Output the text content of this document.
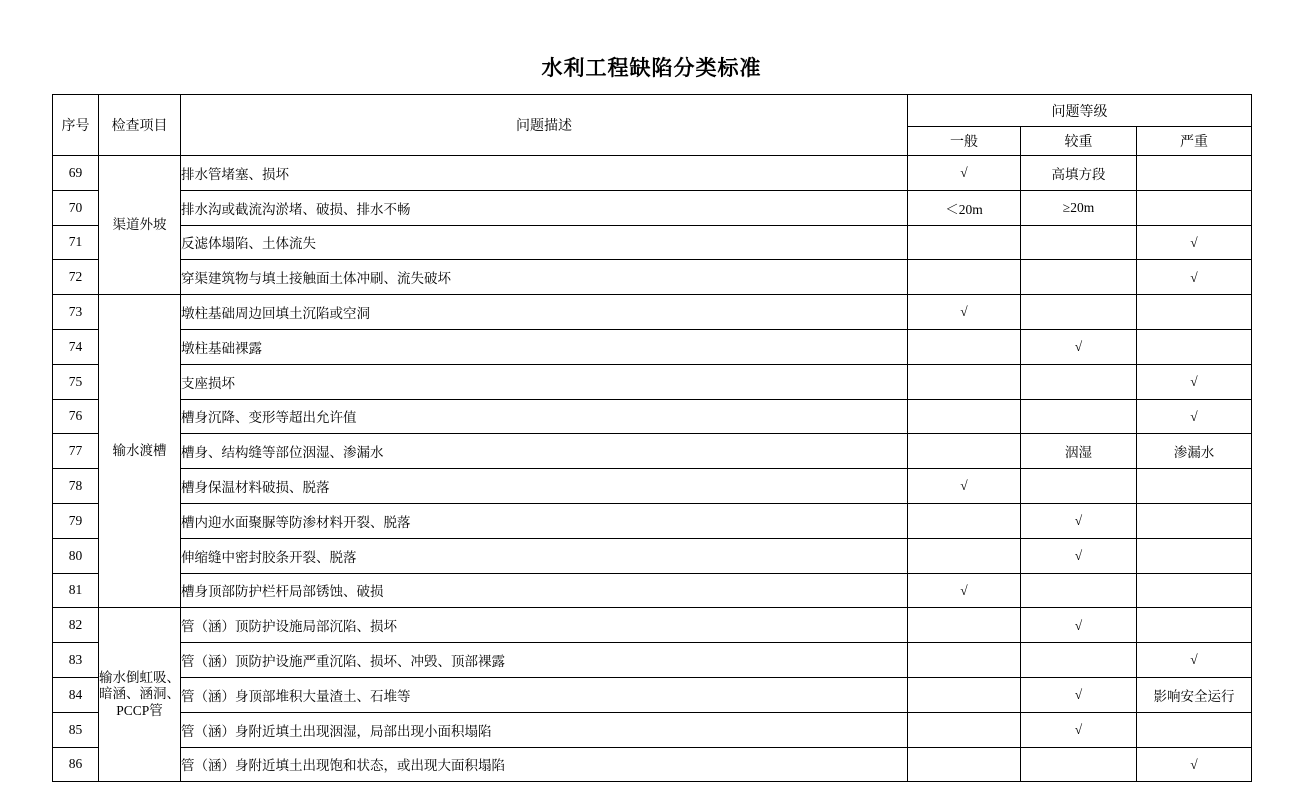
水利工程缺陷分类标准
序号	检查项目	问题描述	问题等级		
			一般	较重	严重
69	渠道外坡	排水管堵塞、损坏	√	高填方段	
70		排水沟或截流沟淤堵、破损、排水不畅	＜20m	≥20m	
71		反滤体塌陷、土体流失			√
72		穿渠建筑物与填土接触面土体冲刷、流失破坏			√
73	输水渡槽	墩柱基础周边回填土沉陷或空洞	√		
74		墩柱基础裸露		√	
75		支座损坏			√
76		槽身沉降、变形等超出允许值			√
77		槽身、结构缝等部位洇湿、渗漏水		洇湿	渗漏水
78		槽身保温材料破损、脱落	√		
79		槽内迎水面聚脲等防渗材料开裂、脱落		√	
80		伸缩缝中密封胶条开裂、脱落		√	
81		槽身顶部防护栏杆局部锈蚀、破损	√		
82	输水倒虹吸、暗涵、涵洞、PCCP管	管（涵）顶防护设施局部沉陷、损坏		√	
83		管（涵）顶防护设施严重沉陷、损坏、冲毁、顶部裸露			√
84		管（涵）身顶部堆积大量渣土、石堆等		√	影响安全运行
85		管（涵）身附近填土出现洇湿，局部出现小面积塌陷		√	
86		管（涵）身附近填土出现饱和状态，或出现大面积塌陷			√
